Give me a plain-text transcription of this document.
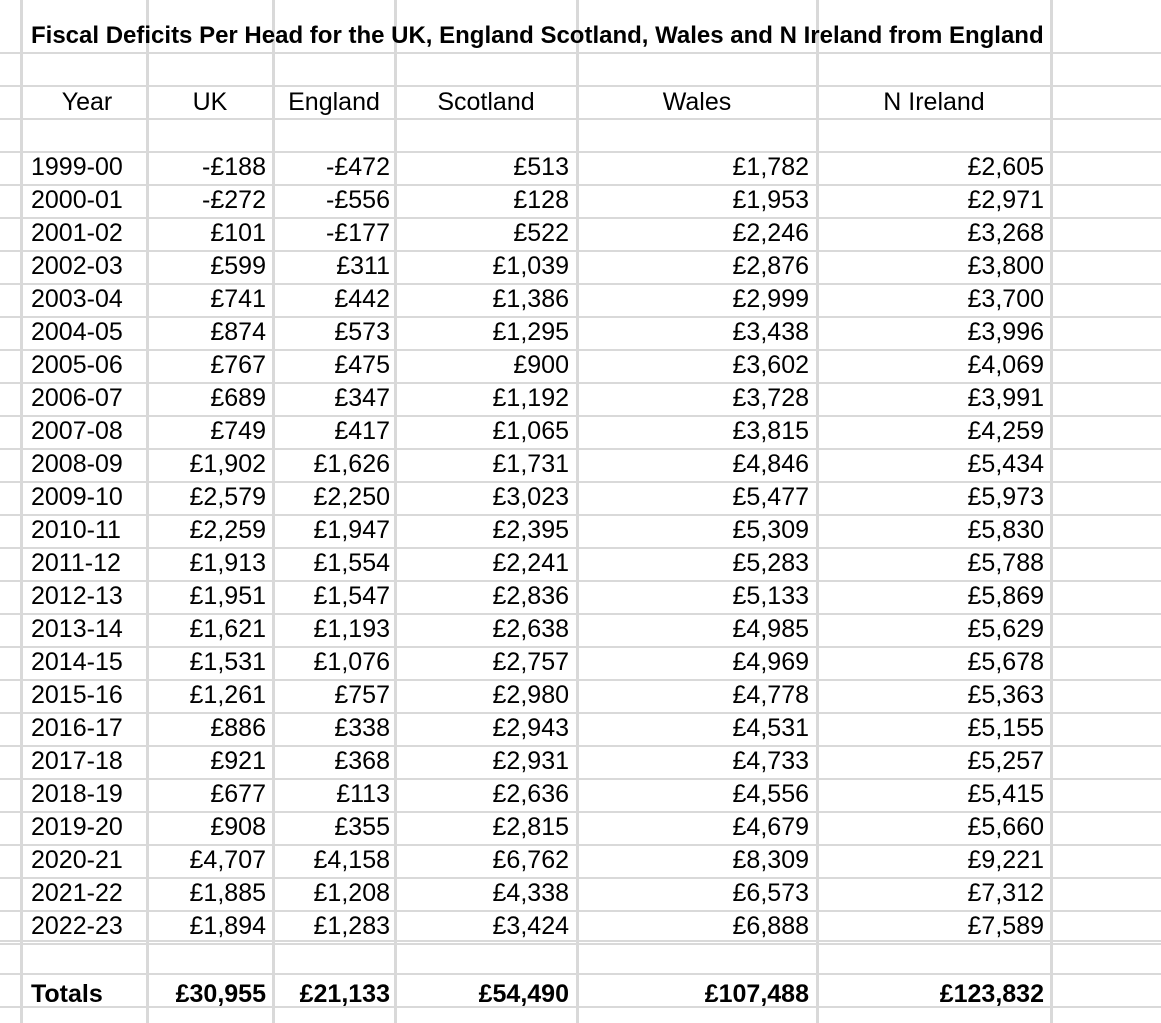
Fiscal Deficits Per Head for the UK, England Scotland, Wales and N Ireland from England
Year	UK	England	Scotland	Wales	N Ireland
1999-00	-£188 -£472	£513	£1,782	£2,605
2000-01	-£272 -£556	£128	£1,953	£2,971
2001-02	£101 -£177	£522	£2,246	£3,268
2002-03	£599	£311	£1,039	£2,876	£3,800
2003-04	£741	£442	£1,386	£2,999	£3,700
2004-05	£874	£573	£1,295	£3,438	£3,996
2005-06	£767	£475	£900	£3,602	£4,069
2006-07	£689	£347	£1,192	£3,728	£3,991
2007-08	£749	£417	£1,065	£3,815	£4,259
2008-09	£1,902 £1,626	£1,731	£4,846	£5,434
2009-10	£2,579 £2,250	£3,023	£5,477	£5,973
2010-11	£2,259 £1,947	£2,395	£5,309	£5,830
2011-12	£1,913 £1,554	£2,241	£5,283	£5,788
2012-13	£1,951 £1,547	£2,836	£5,133	£5,869
2013-14	£1,621 £1,193	£2,638	£4,985	£5,629
2014-15	£1,531 £1,076	£2,757	£4,969	£5,678
2015-16	£1,261	£757	£2,980	£4,778	£5,363
2016-17	£886	£338	£2,943	£4,531	£5,155
2017-18	£921	£368	£2,931	£4,733	£5,257
2018-19	£677	£113	£2,636	£4,556	£5,415
2019-20	£908	£355	£2,815	£4,679	£5,660
2020-21	£4,707 £4,158	£6,762	£8,309	£9,221
2021-22	£1,885 £1,208	£4,338	£6,573	£7,312
2022-23	£1,894 £1,283	£3,424	£6,888	£7,589
Totals	£30,955 £21,133	£54,490	£107,488	£123,832
